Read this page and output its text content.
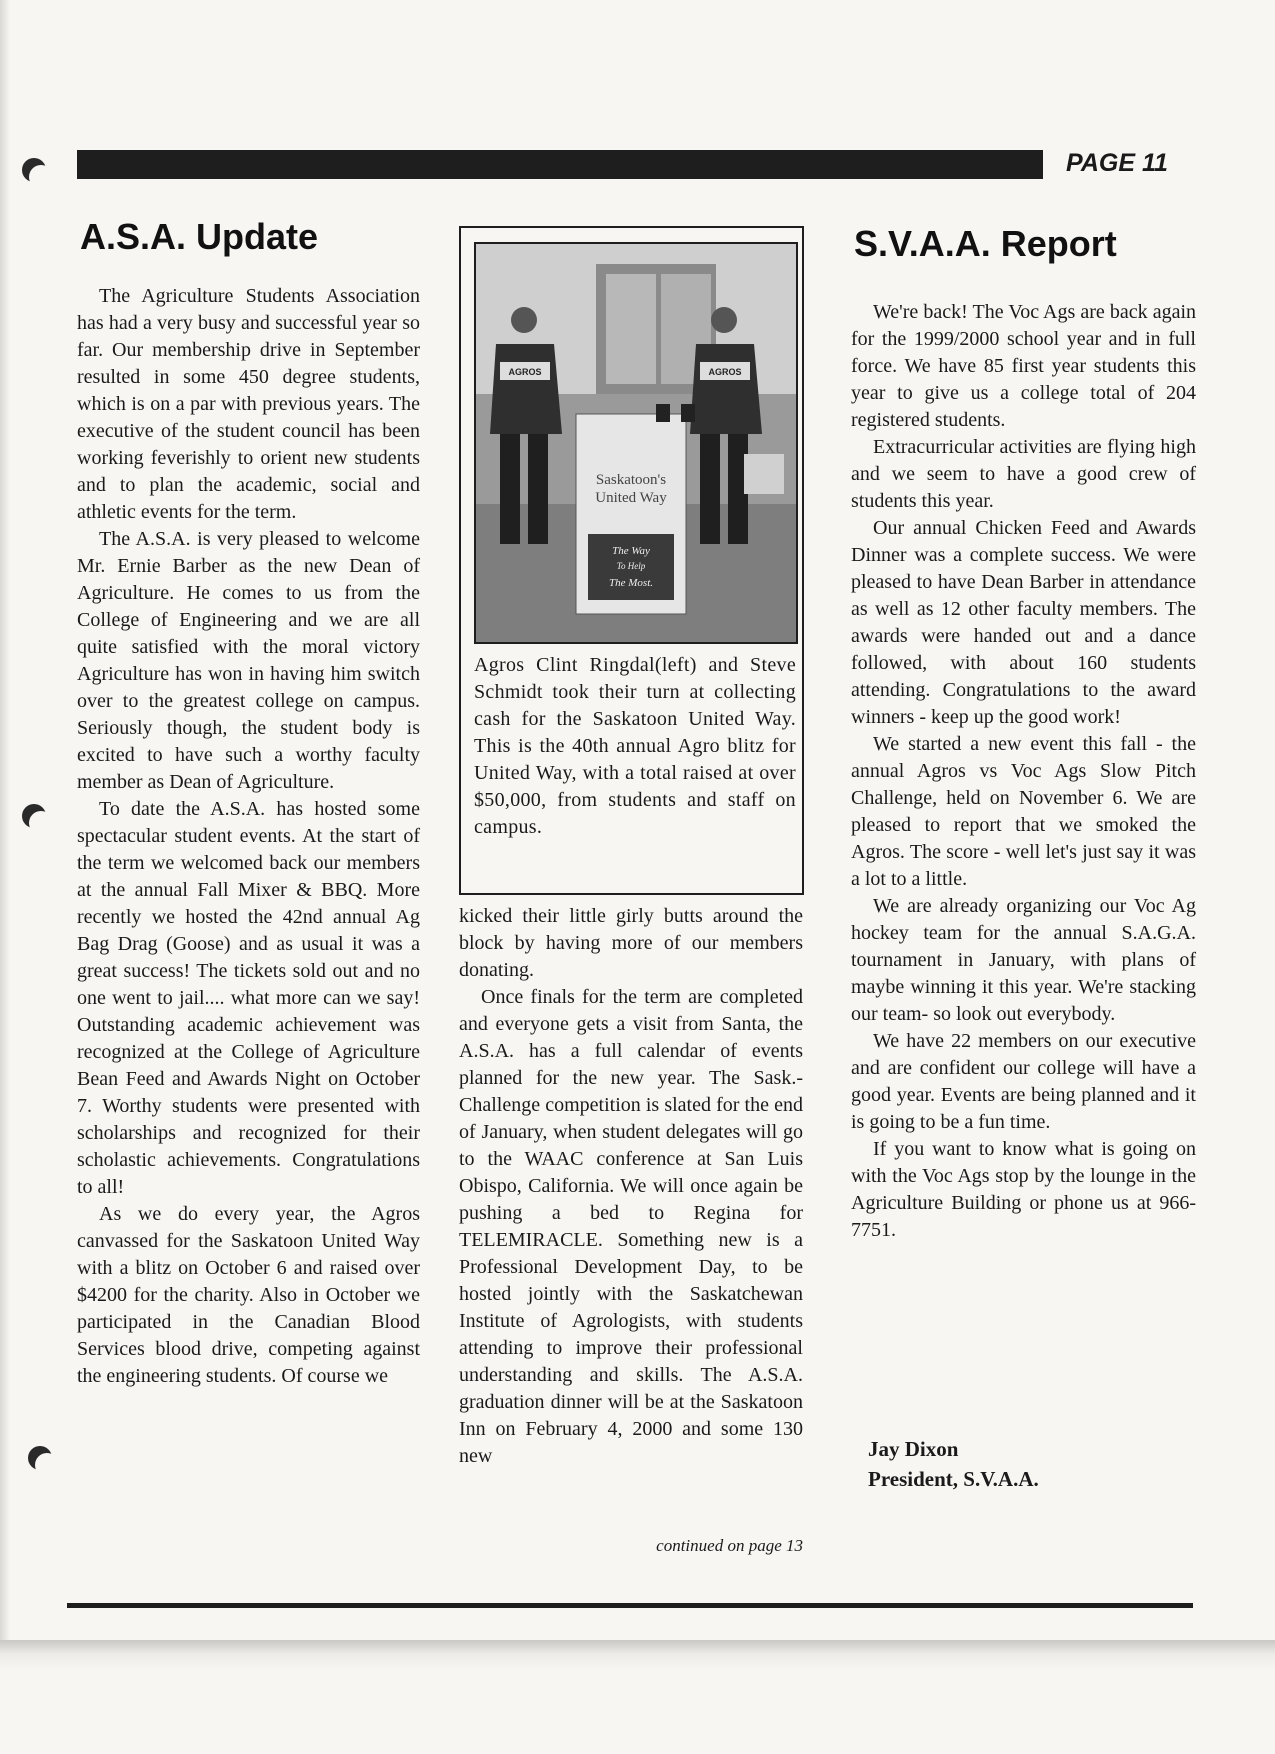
PAGE 11
A.S.A. Update

The Agriculture Students Association has had a very busy and successful year so far. Our membership drive in September resulted in some 450 degree students, which is on a par with previous years. The executive of the student council has been working feverishly to orient new students and to plan the academic, social and athletic events for the term.

The A.S.A. is very pleased to welcome Mr. Ernie Barber as the new Dean of Agriculture. He comes to us from the College of Engineering and we are all quite satisfied with the moral victory Agriculture has won in having him switch over to the greatest college on campus. Seriously though, the student body is excited to have such a worthy faculty member as Dean of Agriculture.

To date the A.S.A. has hosted some spectacular student events. At the start of the term we welcomed back our members at the annual Fall Mixer & BBQ. More recently we hosted the 42nd annual Ag Bag Drag (Goose) and as usual it was a great success! The tickets sold out and no one went to jail.... what more can we say! Outstanding academic achievement was recognized at the College of Agriculture Bean Feed and Awards Night on October 7. Worthy students were presented with scholarships and recognized for their scholastic achievements. Congratulations to all!

As we do every year, the Agros canvassed for the Saskatoon United Way with a blitz on October 6 and raised over $4200 for the charity. Also in October we participated in the Canadian Blood Services blood drive, competing against the engineering students. Of course we

Saskatoon's
United Way
The Way
To Help
The Most.
AGROS	AGROS
Agros Clint Ringdal(left) and Steve Schmidt took their turn at collecting cash for the Saskatoon United Way. This is the 40th annual Agro blitz for United Way, with a total raised at over $50,000, from students and staff on campus.

kicked their little girly butts around the block by having more of our members donating.

Once finals for the term are completed and everyone gets a visit from Santa, the A.S.A. has a full calendar of events planned for the new year. The Sask.-Challenge competition is slated for the end of January, when student delegates will go to the WAAC conference at San Luis Obispo, California. We will once again be pushing a bed to Regina for TELEMIRACLE. Something new is a Professional Development Day, to be hosted jointly with the Saskatchewan Institute of Agrologists, with students attending to improve their professional understanding and skills. The A.S.A. graduation dinner will be at the Saskatoon Inn on February 4, 2000 and some 130 new

continued on page 13
S.V.A.A. Report

We're back! The Voc Ags are back again for the 1999/2000 school year and in full force. We have 85 first year students this year to give us a college total of 204 registered students.

Extracurricular activities are flying high and we seem to have a good crew of students this year.

Our annual Chicken Feed and Awards Dinner was a complete success. We were pleased to have Dean Barber in attendance as well as 12 other faculty members. The awards were handed out and a dance followed, with about 160 students attending. Congratulations to the award winners - keep up the good work!

We started a new event this fall - the annual Agros vs Voc Ags Slow Pitch Challenge, held on November 6. We are pleased to report that we smoked the Agros. The score - well let's just say it was a lot to a little.

We are already organizing our Voc Ag hockey team for the annual S.A.G.A. tournament in January, with plans of maybe winning it this year. We're stacking our team- so look out everybody.

We have 22 members on our executive and are confident our college will have a good year. Events are being planned and it is going to be a fun time.

If you want to know what is going on with the Voc Ags stop by the lounge in the Agriculture Building or phone us at 966-7751.

Jay Dixon
President, S.V.A.A.
